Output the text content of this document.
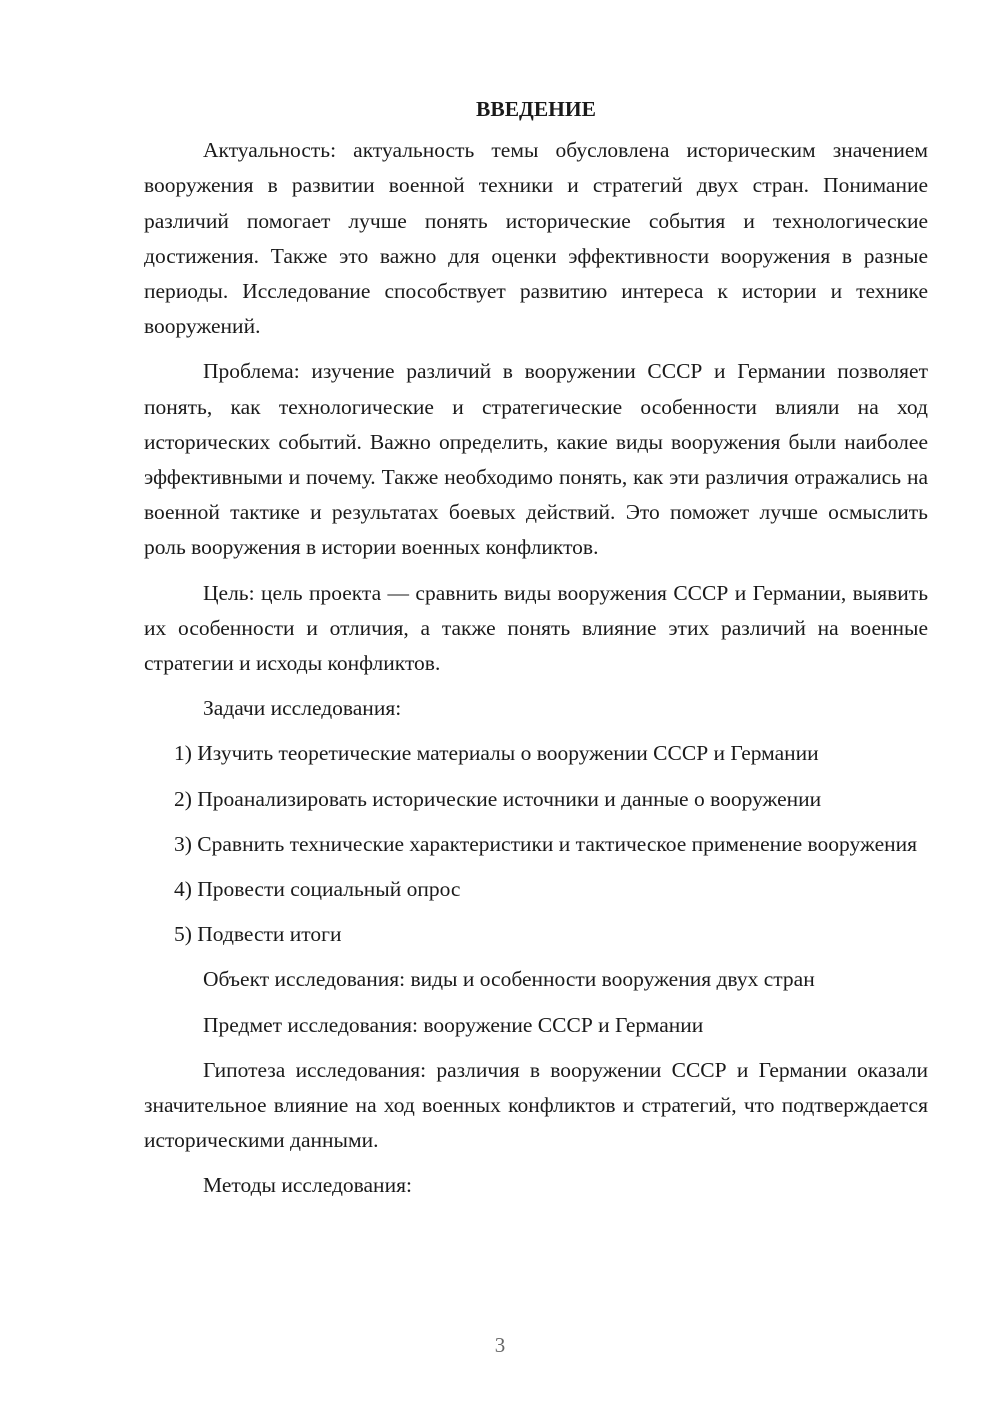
ВВЕДЕНИЕ

Актуальность: актуальность темы обусловлена историческим значением вооружения в развитии военной техники и стратегий двух стран. Понимание различий помогает лучше понять исторические события и технологические достижения. Также это важно для оценки эффективности вооружения в разные периоды. Исследование способствует развитию интереса к истории и технике вооружений.

Проблема: изучение различий в вооружении СССР и Германии позволяет понять, как технологические и стратегические особенности влияли на ход исторических событий. Важно определить, какие виды вооружения были наиболее эффективными и почему. Также необходимо понять, как эти различия отражались на военной тактике и результатах боевых действий. Это поможет лучше осмыслить роль вооружения в истории военных конфликтов.

Цель: цель проекта — сравнить виды вооружения СССР и Германии, выявить их особенности и отличия, а также понять влияние этих различий на военные стратегии и исходы конфликтов.

Задачи исследования:

1) Изучить теоретические материалы о вооружении СССР и Германии

2) Проанализировать исторические источники и данные о вооружении

3) Сравнить технические характеристики и тактическое применение вооружения

4) Провести социальный опрос

5) Подвести итоги

Объект исследования: виды и особенности вооружения двух стран

Предмет исследования: вооружение СССР и Германии

Гипотеза исследования: различия в вооружении СССР и Германии оказали значительное влияние на ход военных конфликтов и стратегий, что подтверждается историческими данными.

Методы исследования:

3
